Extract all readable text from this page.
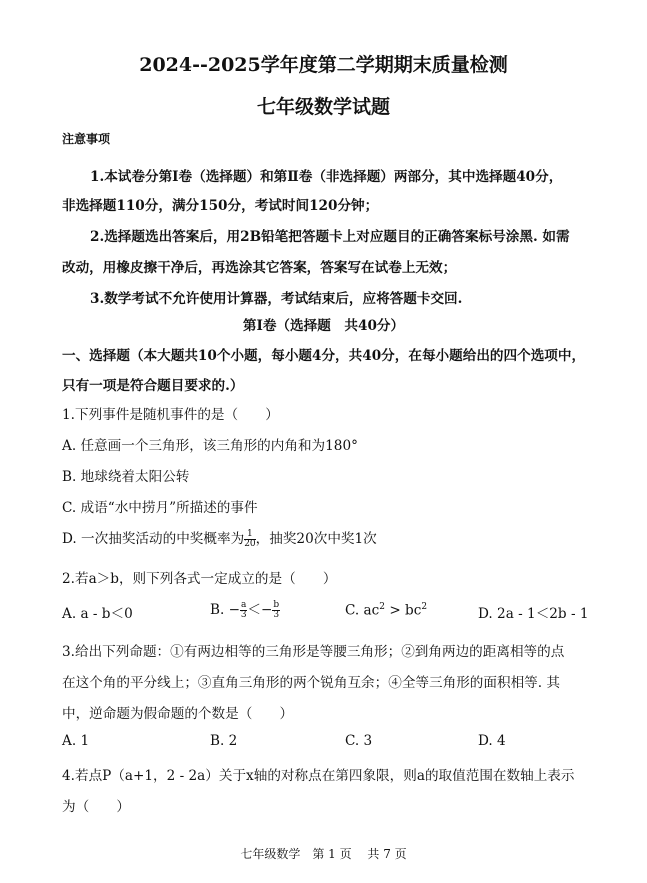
2024--2025学年度第二学期期末质量检测
七年级数学试题
注意事项
1.本试卷分第Ⅰ卷（选择题）和第Ⅱ卷（非选择题）两部分，其中选择题40分，
非选择题110分，满分150分，考试时间120分钟；
2.选择题选出答案后，用2B铅笔把答题卡上对应题目的正确答案标号涂黑. 如需
改动，用橡皮擦干净后，再选涂其它答案，答案写在试卷上无效；
3.数学考试不允许使用计算器，考试结束后，应将答题卡交回.
第Ⅰ卷（选择题　共40分）
一、选择题（本大题共10个小题，每小题4分，共40分，在每小题给出的四个选项中，
只有一项是符合题目要求的.）
1.下列事件是随机事件的是（　　）
A. 任意画一个三角形，该三角形的内角和为180°
B. 地球绕着太阳公转
C. 成语“水中捞月”所描述的事件
D. 一次抽奖活动的中奖概率为 $\frac{1}{20}$ ，抽奖20次中奖1次
2.若a＞b，则下列各式一定成立的是（　　）
A. a - b＜0	B. − $\frac{a}{3} <- \frac{b}{3}$	C. $ac^2 > bc^2$	D. 2a - 1＜2b - 1
3.给出下列命题：①有两边相等的三角形是等腰三角形；②到角两边的距离相等的点
在这个角的平分线上；③直角三角形的两个锐角互余；④全等三角形的面积相等. 其
中，逆命题为假命题的个数是（　　）
A. 1	B. 2	C. 3	D. 4
4.若点P（a+1，2 - 2a）关于x轴的对称点在第四象限，则a的取值范围在数轴上表示
为（　　）
七年级数学　第 1 页　 共 7 页
